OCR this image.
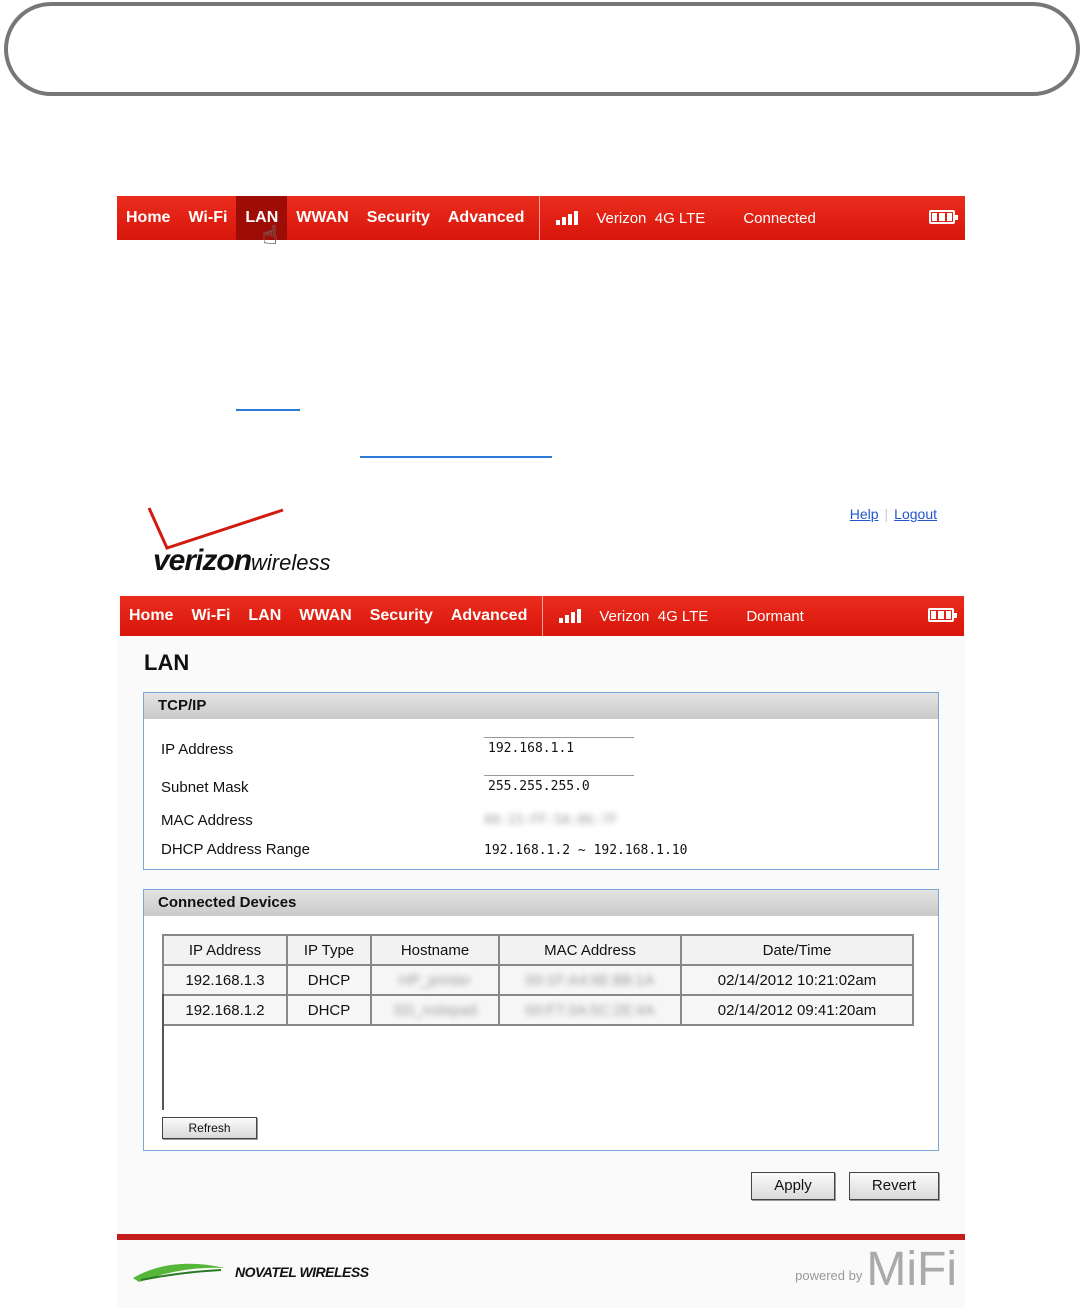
Home	Wi-Fi	LAN	WWAN	Security	Advanced	Verizon
4G LTE	Connected
☝
verizonwireless
Help | Logout
Home	Wi-Fi	LAN	WWAN	Security	Advanced	Verizon
4G LTE	Dormant
LAN
TCP/IP
IP Address	192.168.1.1
Subnet Mask	255.255.255.0
MAC Address	00:15:FF:5A:86:7F
DHCP Address Range	192.168.1.2 ~ 192.168.1.10
Connected Devices
IP Address	IP Type	Hostname	MAC Address	Date/Time
192.168.1.3	DHCP	HP_printer	00:1F:A4:9E:8B:1A	02/14/2012 10:21:02am
192.168.1.2	DHCP	SD_notepad	00:F7:3A:5C:2E:4A	02/14/2012 09:41:20am
Refresh
Apply	Revert
NOVATEL WIRELESS	powered by MiFi
